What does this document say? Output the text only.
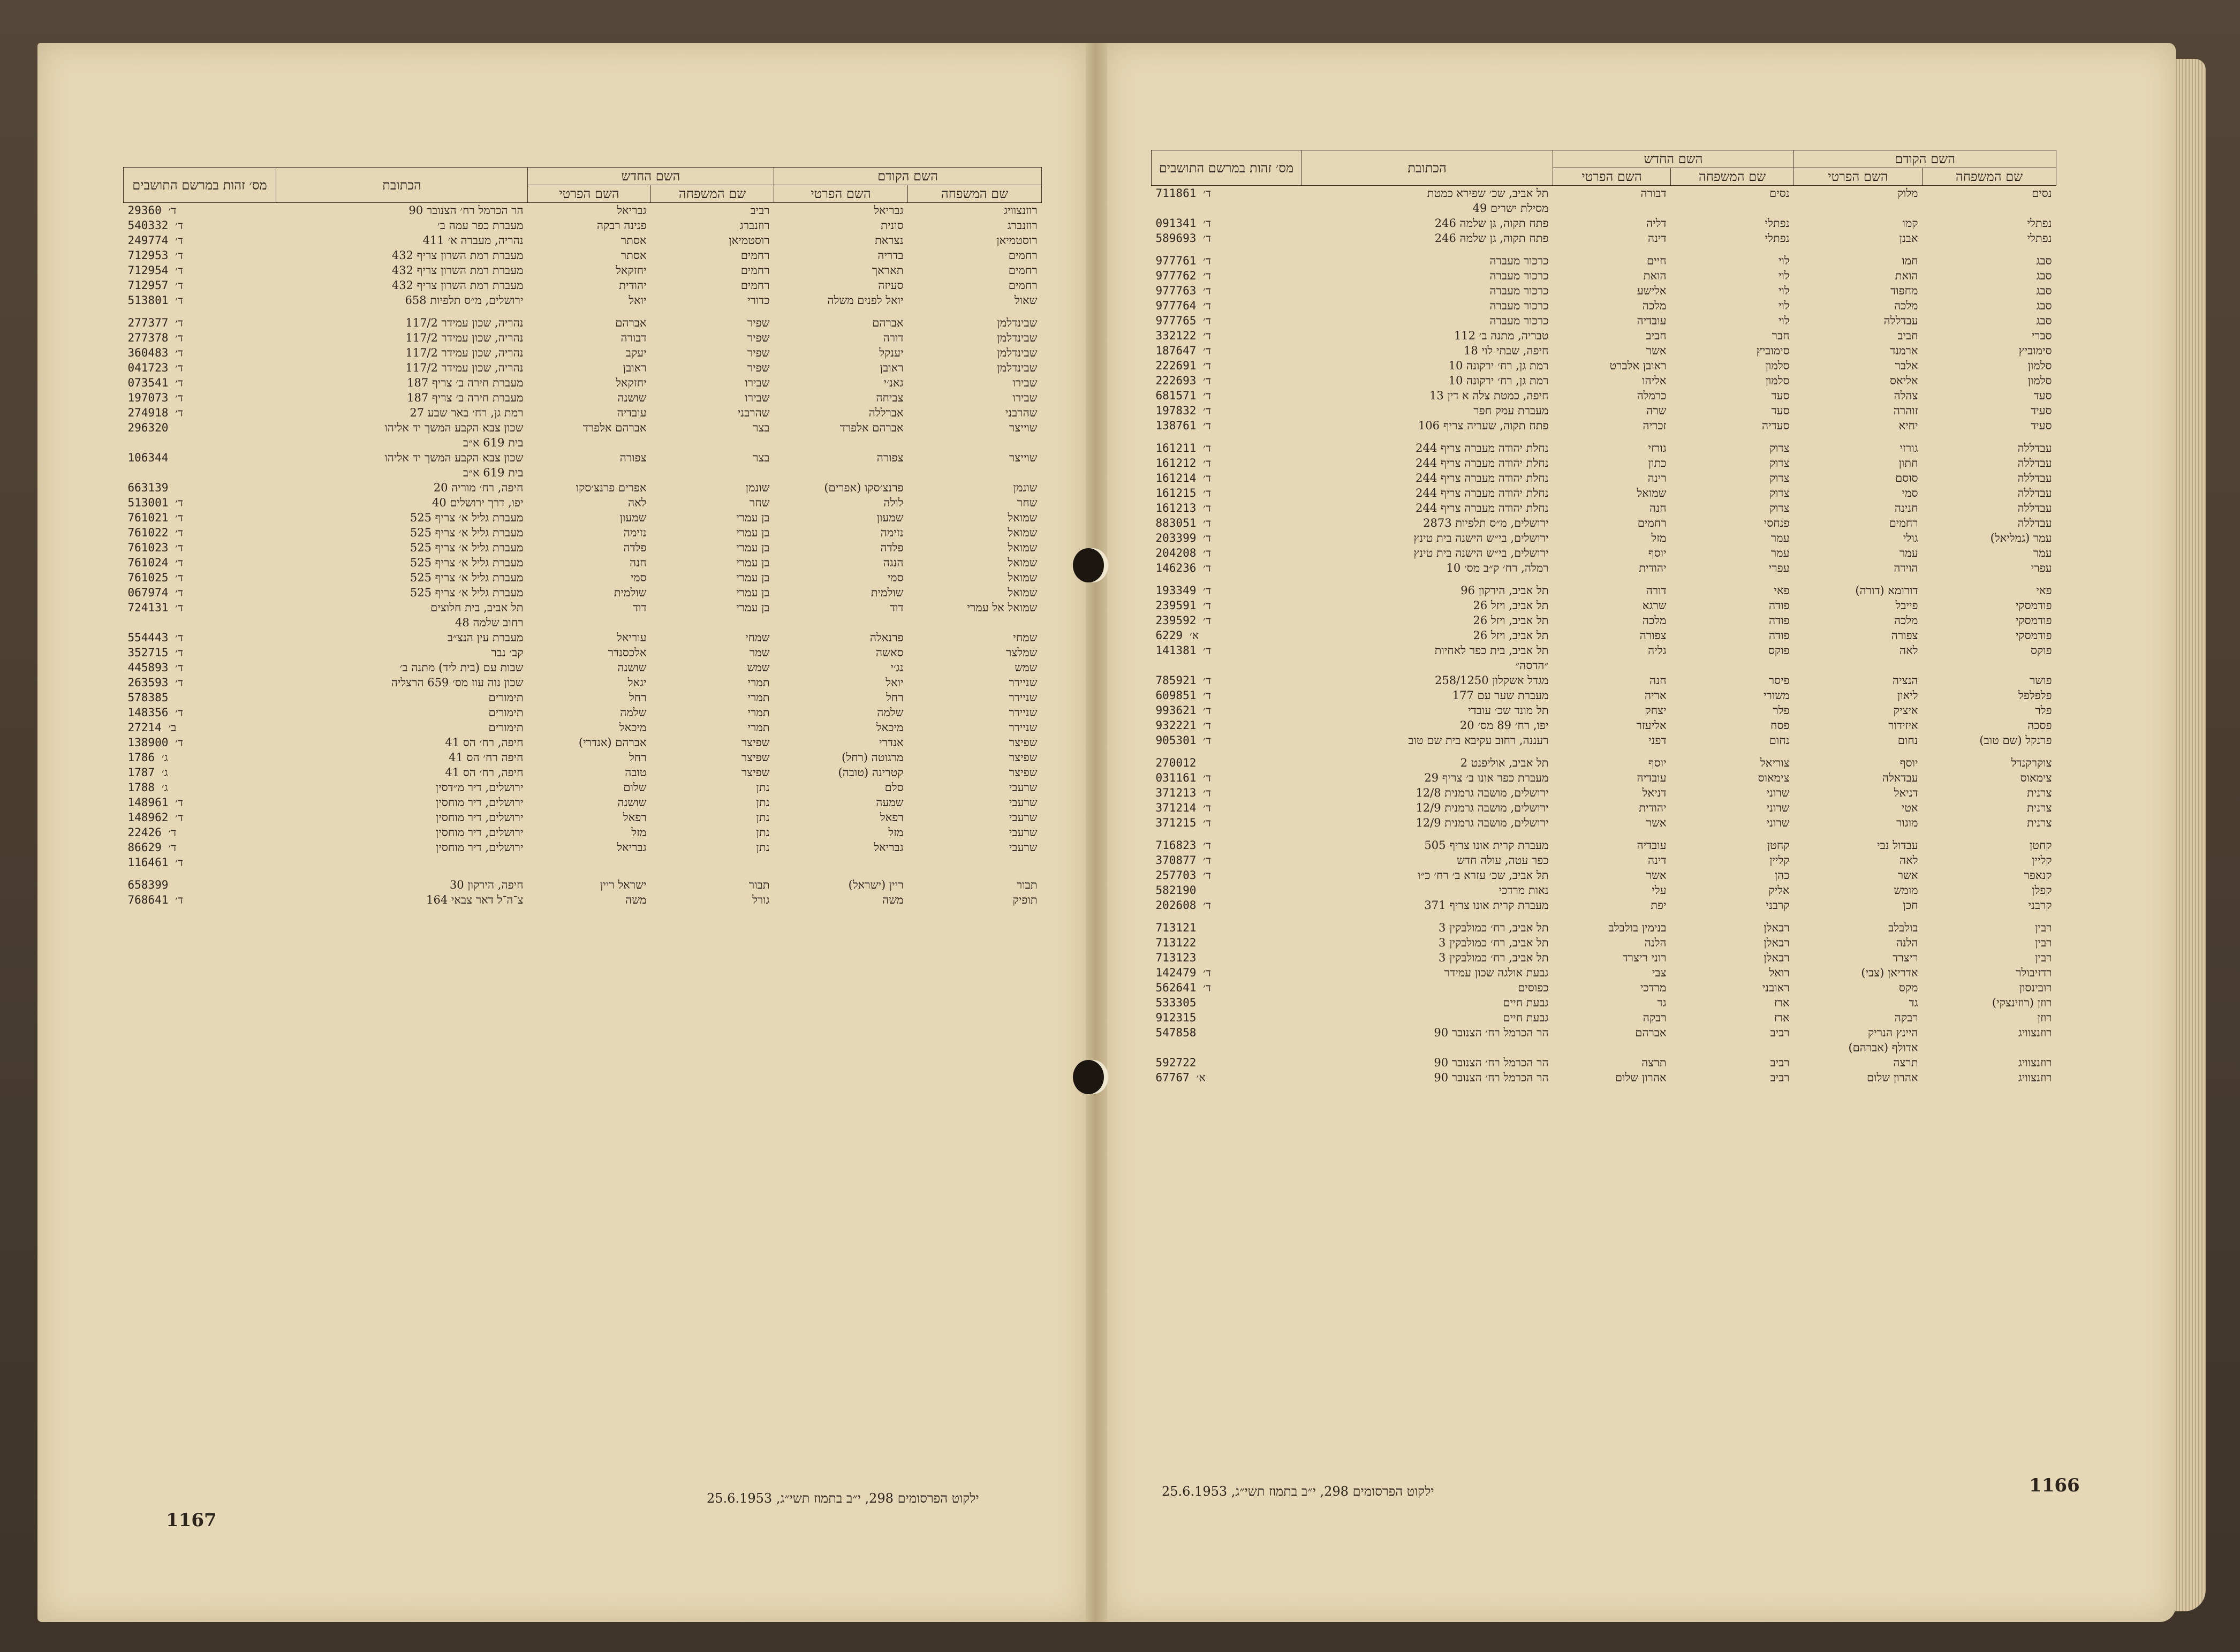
השם הקודם		השם החדש		הכתובת	מס׳ זהות במרשם התושבים
שם המשפחה	השם הפרטי	שם המשפחה	השם הפרטי		
נסים	מלוק	נסים	דבורה	תל אביב, שכ׳ שפירא כמטת	711861 ד׳
				מסילת ישרים 49	
נפתלי	קמו	נפתלי	דליה	פתח תקוה, גן שלמה 246	091341 ד׳
נפתלי	אבנן	נפתלי	דינה	פתח תקוה, גן שלמה 246	589693 ד׳

סבג	חמו	לוי	חיים	כרכור מעברה	977761 ד׳
סבג	הואת	לוי	הואת	כרכור מעברה	977762 ד׳
סבג	מחפוד	לוי	אלישע	כרכור מעברה	977763 ד׳
סבג	מלכה	לוי	מלכה	כרכור מעברה	977764 ד׳
סבג	עבדללה	לוי	עובדיה	כרכור מעברה	977765 ד׳
סברי	חביב	חבר	חביב	טבריה, מתנה ב׳ 112	332122 ד׳
סימוביץ	ארמנד	סימוביץ	אשר	חיפה, שבתי לוי 18	187647 ד׳
סלמון	אלבר	סלמון	ראובן אלברט	רמת גן, רח׳ ירקונה 10	222691 ד׳
סלמון	אליאס	סלמון	אליהו	רמת גן, רח׳ ירקונה 10	222693 ד׳
סעד	צהלה	סעד	כרמלה	חיפה, כמטת צלה א דין 13	681571 ד׳
סעיד	זוהרה	סעד	שרה	מעברת עמק חפר	197832 ד׳
סעיד	יחיא	סעדיה	זכריה	פתח תקוה, שעריה צריף 106	138761 ד׳

עבדללה	גורזי	צדוק	גורזי	נחלת יהודה מעברה צריף 244	161211 ד׳
עבדללה	חתון	צדוק	כתון	נחלת יהודה מעברה צריף 244	161212 ד׳
עבדללה	סוסם	צדוק	רינה	נחלת יהודה מעברה צריף 244	161214 ד׳
עבדללה	סמי	צדוק	שמואל	נחלת יהודה מעברה צריף 244	161215 ד׳
עבדללה	חנינה	צדוק	חנה	נחלת יהודה מעברה צריף 244	161213 ד׳
עבדללה	רחמים	פנחסי	רחמים	ירושלים, מ״ס תלפיות 2873	883051 ד׳
עמר (גמליאל)	גולי	עמר	מזל	ירושלים, בי״ש הישנה בית טינץ	203399 ד׳
עמר	עמר	עמר	יוסף	ירושלים, בי״ש הישנה בית טינץ	204208 ד׳
עפרי	הוידה	עפרי	יהודית	רמלה, רח׳ ק״ב מס׳ 10	146236 ד׳

פאי	דורומא (דורה)	פאי	דורה	תל אביב, הירקון 96	193349 ד׳
פודמסקי	פייבל	פודה	שרגא	תל אביב, ויזל 26	239591 ד׳
פודמסקי	מלכה	פודה	מלכה	תל אביב, ויזל 26	239592 ד׳
פודמסקי	צפורה	פודה	צפורה	תל אביב, ויזל 26	6229 א׳
פוקס	לאה	פוקס	גליה	תל אביב, בית כפר לאחיות	141381 ד׳
				״הדסה״	
פושר	הנציה	פיסר	חנה	מגדל אשקלון 258/1250	785921 ד׳
פלפלפל	ליאון	משורי	אריה	מעברת שער עם 177	609851 ד׳
פלר	איציק	פלר	יצחק	תל מונד שכ׳ עובדי	993621 ד׳
פסכה	איזידור	פסח	אליעזר	יפו, רח׳ 89 מס׳ 20	932221 ד׳
פרנקל (שם טוב)	נחום	נחום	דפני	רעננה, רחוב עקיבא בית שם טוב	905301 ד׳

צוקרקנדל	יוסף	צוריאל	יוסף	תל אביב, אוליפנט 2	270012
צימאוס	עבדאלה	צימאוס	עובדיה	מעברת כפר אונו ב׳ צריף 29	031161 ד׳
צרנית	דניאל	שרוני	דניאל	ירושלים, מושבה גרמנית 12/8	371213 ד׳
צרנית	אטי	שרוני	יהודית	ירושלים, מושבה גרמנית 12/9	371214 ד׳
צרנית	מוגור	שרוני	אשר	ירושלים, מושבה גרמנית 12/9	371215 ד׳

קחטן	עבדול נבי	קחטן	עובדיה	מעברת קרית אונו צריף 505	716823 ד׳
קליין	לאה	קליין	דינה	כפר עטה, עולה חדש	370877 ד׳
קנאפר	אשר	כהן	אשר	תל אביב, שכ׳ עזרא ב׳ רח׳ כ״ו	257703 ד׳
קפלן	מומש	אליק	עלי	נאות מרדכי	582190
קרבני	חכן	קרבני	יפת	מעברת קרית אונו צריף 371	202608 ד׳

רבין	בולבלב	רבאלן	בנימין בולבלב	תל אביב, רח׳ כמולבקין 3	713121
רבין	הלנה	רבאלן	הלנה	תל אביב, רח׳ כמולבקין 3	713122
רבין	ריצרד	רבאלן	רוני ריצרד	תל אביב, רח׳ כמולבקין 3	713123
רדזיבולר	אדריאן (צבי)	רואל	צבי	גבעת אולגה שכון עמידר	142479 ד׳
רובינסון	מקס	ראובני	מרדכי	כפוסים	562641 ד׳
רוזן (רוזינצקי)	גד	ארז	גד	גבעת חיים	533305
רוזן	רבקה	ארז	רבקה	גבעת חיים	912315
רוזנצוויג	היינץ הנריק	רביב	אברהם	הר הכרמל רח׳ הצנובר 90	547858
	אדולף (אברהם)				
רוזנצוויג	תרצה	רביב	תרצה	הר הכרמל רח׳ הצנובר 90	592722
רוזנצוויג	אהרון שלום	רביב	אהרון שלום	הר הכרמל רח׳ הצנובר 90	67767 א׳
השם הקודם		השם החדש		הכתובת	מס׳ זהות במרשם התושבים
שם המשפחה	השם הפרטי	שם המשפחה	השם הפרטי		
רוזנצוויג	גבריאל	רביב	גבריאל	הר הכרמל רח׳ הצנובר 90	29360 ד׳
רוזנברג	סונית	רוזנברג	פנינה רבקה	מעברת כפר עמה ב׳	540332 ד׳
רוסטמיאן	נצראת	רוסטמיאן	אסתר	נהריה, מעברה א׳ 411	249774 ד׳
רחמים	בדריה	רחמים	אסתר	מעברת רמת השרון צריף 432	712953 ד׳
רחמים	תאראך	רחמים	יחזקאל	מעברת רמת השרון צריף 432	712954 ד׳
רחמים	סעיזה	רחמים	יהודית	מעברת רמת השרון צריף 432	712957 ד׳
שאול	יואל לפנים משלה	כדורי	יואל	ירושלים, מ״ס תלפיות 658	513801 ד׳

שבינדלמן	אברהם	שפיר	אברהם	נהריה, שכון עמידר 117/2	277377 ד׳
שבינדלמן	דורה	שפיר	דבורה	נהריה, שכון עמידר 117/2	277378 ד׳
שבינדלמן	יענקל	שפיר	יעקב	נהריה, שכון עמידר 117/2	360483 ד׳
שבינדלמן	ראובן	שפיר	ראובן	נהריה, שכון עמידר 117/2	041723 ד׳
שבירו	גאנ׳י	שבירו	יחזקאל	מעברת חירה ב׳ צריף 187	073541 ד׳
שבירו	צביחה	שבירו	שושנה	מעברת חירה ב׳ צריף 187	197073 ד׳
שהרבני	אברללה	שהרבני	עובדיה	רמת גן, רח׳ באר שבע 27	274918 ד׳
שוייצר	אברהם אלפרד	בצר	אברהם אלפרד	שכון צבא הקבע המשך יד אליהו	296320
				בית 619 א״ב	
שוייצר	צפורה	בצר	צפורה	שכון צבא הקבע המשך יד אליהו	106344
				בית 619 א״ב	
שונמן	פרנצ׳סקו (אפרים)	שונמן	אפרים פרנצ׳סקו	חיפה, רח׳ מוריה 20	663139
שחר	לולה	שחר	לאה	יפו, דרך ירושלים 40	513001 ד׳
שמואל	שמעון	בן עמרי	שמעון	מעברת גליל א׳ צריף 525	761021 ד׳
שמואל	נזימה	בן עמרי	נזימה	מעברת גליל א׳ צריף 525	761022 ד׳
שמואל	פלדה	בן עמרי	פלדה	מעברת גליל א׳ צריף 525	761023 ד׳
שמואל	הנגה	בן עמרי	חנה	מעברת גליל א׳ צריף 525	761024 ד׳
שמואל	סמי	בן עמרי	סמי	מעברת גליל א׳ צריף 525	761025 ד׳
שמואל	שולמית	בן עמרי	שולמית	מעברת גליל א׳ צריף 525	067974 ד׳
שמואל אל עמרי	דוד	בן עמרי	דוד	תל אביב, בית חלוצים	724131 ד׳
				רחוב שלמה 48	
שמחי	פרנאלה	שמחי	עוריאל	מעברת עין הנצ״ב	554443 ד׳
שמלצר	סאשה	שמר	אלכסנדר	קב׳ נבר	352715 ד׳
שמש	נג׳י	שמש	שושנה	שבות עם (בית ליד) מתנה ב׳	445893 ד׳
שניידר	יואל	תמרי	יגאל	שכון נוה עוז מס׳ 659 הרצליה	263593 ד׳
שניידר	רחל	תמרי	רחל	תימורים	578385
שניידר	שלמה	תמרי	שלמה	תימורים	148356 ד׳
שניידר	מיכאל	תמרי	מיכאל	תימורים	27214 ב׳
שפיצר	אנדרי	שפיצר	אברהם (אנדרי)	חיפה, רח׳ הס 41	138900 ד׳
שפיצר	מרגוטה (רחל)	שפיצר	רחל	חיפה רח׳ הס 41	1786 ג׳
שפיצר	קטרינה (טובה)	שפיצר	טובה	חיפה, רח׳ הס 41	1787 ג׳
שרעבי	סלם	נתן	שלום	ירושלים, דיר מ״דסין	1788 ג׳
שרעבי	שמעה	נתן	שושנה	ירושלים, דיר מוחסין	148961 ד׳
שרעבי	רפאל	נתן	רפאל	ירושלים, דיר מוחסין	148962 ד׳
שרעבי	מזל	נתן	מזל	ירושלים, דיר מוחסין	22426 ד׳
שרעבי	גבריאל	נתן	גבריאל	ירושלים, דיר מוחסין	86629 ד׳
					116461 ד׳

תבור	ריין (ישראל)	תבור	ישראל ריין	חיפה, הירקון 30	658399
תופיק	משה	גורל	משה	צ־ה־ל דאר צבאי 164	768641 ד׳
ילקוט הפרסומים 298, י״ב בתמוז תשי״ג, 25.6.1953	1166
ילקוט הפרסומים 298, י״ב בתמוז תשי״ג, 25.6.1953
1167
